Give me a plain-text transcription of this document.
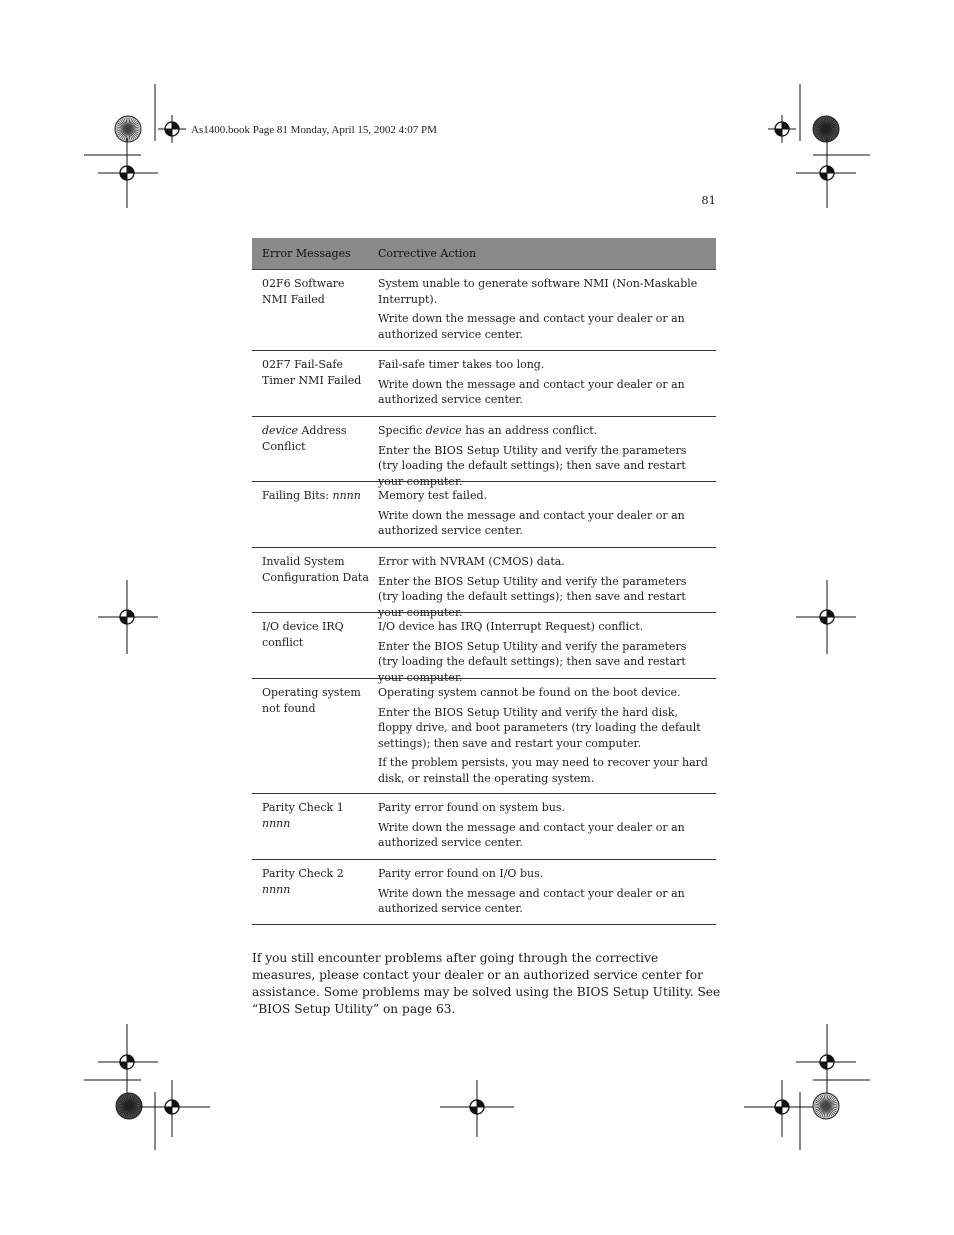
As1400.book Page 81 Monday, April 15, 2002 4:07 PM
81
Error Messages	Corrective Action
02F6 Software NMI Failed

System unable to generate software NMI (Non-Maskable Interrupt).

Write down the message and contact your dealer or an authorized service center.

02F7 Fail-Safe Timer NMI Failed

Fail-safe timer takes too long.

Write down the message and contact your dealer or an authorized service center.

device Address Conflict

Specific device has an address conflict.

Enter the BIOS Setup Utility and verify the parameters (try loading the default settings); then save and restart your computer.

Failing Bits: nnnn	Memory test failed.

Write down the message and contact your dealer or an authorized service center.

Invalid System Configuration Data

Error with NVRAM (CMOS) data.

Enter the BIOS Setup Utility and verify the parameters (try loading the default settings); then save and restart your computer.

I/O device IRQ conflict

I/O device has IRQ (Interrupt Request) conflict.

Enter the BIOS Setup Utility and verify the parameters (try loading the default settings); then save and restart your computer.

Operating system not found

Operating system cannot be found on the boot device.

Enter the BIOS Setup Utility and verify the hard disk, floppy drive, and boot parameters (try loading the default settings); then save and restart your computer.

If the problem persists, you may need to recover your hard disk, or reinstall the operating system.

Parity Check 1 nnnn

Parity error found on system bus.

Write down the message and contact your dealer or an authorized service center.

Parity Check 2 nnnn

Parity error found on I/O bus.

Write down the message and contact your dealer or an authorized service center.

If you still encounter problems after going through the corrective measures, please contact your dealer or an authorized service center for assistance. Some problems may be solved using the BIOS Setup Utility. See “BIOS Setup Utility” on page 63.
